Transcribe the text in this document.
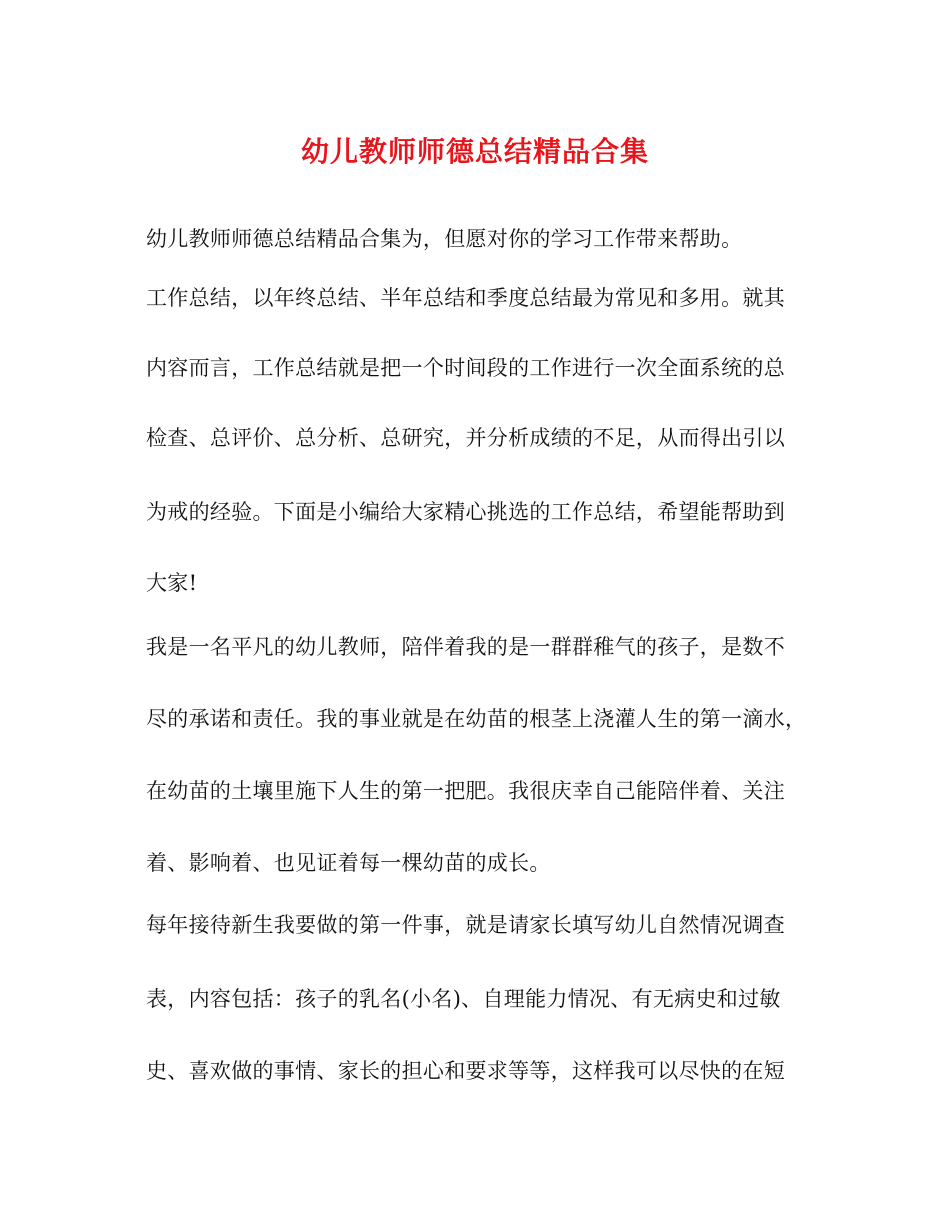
幼儿教师师德总结精品合集
幼儿教师师德总结精品合集为，但愿对你的学习工作带来帮助。
工作总结，以年终总结、半年总结和季度总结最为常见和多用。就其
内容而言，工作总结就是把一个时间段的工作进行一次全面系统的总
检查、总评价、总分析、总研究，并分析成绩的不足，从而得出引以
为戒的经验。下面是小编给大家精心挑选的工作总结，希望能帮助到
大家!
我是一名平凡的幼儿教师，陪伴着我的是一群群稚气的孩子，是数不
尽的承诺和责任。我的事业就是在幼苗的根茎上浇灌人生的第一滴水，
在幼苗的土壤里施下人生的第一把肥。我很庆幸自己能陪伴着、关注
着、影响着、也见证着每一棵幼苗的成长。
每年接待新生我要做的第一件事，就是请家长填写幼儿自然情况调查
表，内容包括：孩子的乳名(小名)、自理能力情况、有无病史和过敏
史、喜欢做的事情、家长的担心和要求等等，这样我可以尽快的在短
